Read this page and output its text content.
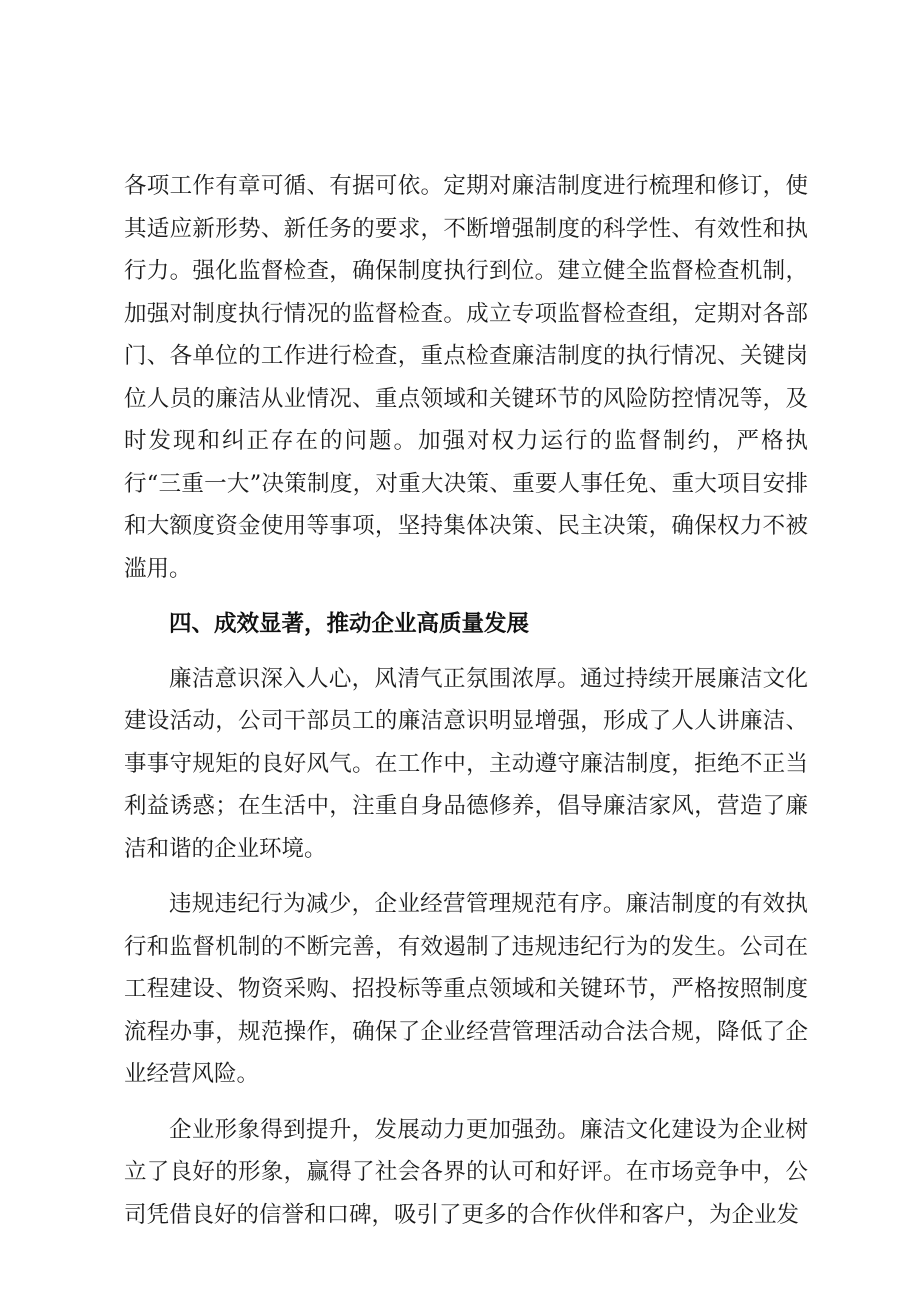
各项工作有章可循、有据可依。定期对廉洁制度进行梳理和修订，使其适应新形势、新任务的要求，不断增强制度的科学性、有效性和执行力。强化监督检查，确保制度执行到位。建立健全监督检查机制，加强对制度执行情况的监督检查。成立专项监督检查组，定期对各部门、各单位的工作进行检查，重点检查廉洁制度的执行情况、关键岗位人员的廉洁从业情况、重点领域和关键环节的风险防控情况等，及时发现和纠正存在的问题。加强对权力运行的监督制约，严格执行“三重一大”决策制度，对重大决策、重要人事任免、重大项目安排和大额度资金使用等事项，坚持集体决策、民主决策，确保权力不被滥用。

四、成效显著，推动企业高质量发展

廉洁意识深入人心，风清气正氛围浓厚。通过持续开展廉洁文化建设活动，公司干部员工的廉洁意识明显增强，形成了人人讲廉洁、事事守规矩的良好风气。在工作中，主动遵守廉洁制度，拒绝不正当利益诱惑；在生活中，注重自身品德修养，倡导廉洁家风，营造了廉洁和谐的企业环境。

违规违纪行为减少，企业经营管理规范有序。廉洁制度的有效执行和监督机制的不断完善，有效遏制了违规违纪行为的发生。公司在工程建设、物资采购、招投标等重点领域和关键环节，严格按照制度流程办事，规范操作，确保了企业经营管理活动合法合规，降低了企业经营风险。

企业形象得到提升，发展动力更加强劲。廉洁文化建设为企业树立了良好的形象，赢得了社会各界的认可和好评。在市场竞争中，公司凭借良好的信誉和口碑，吸引了更多的合作伙伴和客户，为企业发
